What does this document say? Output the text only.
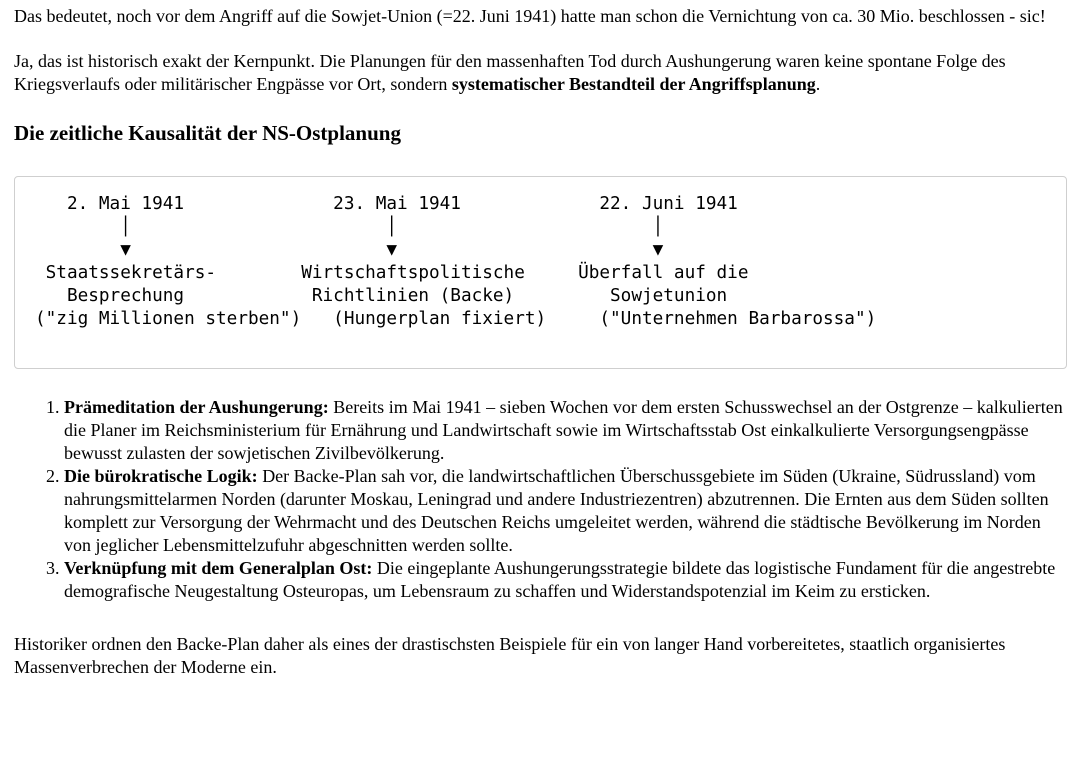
Das bedeutet, noch vor dem Angriff auf die Sowjet-Union (=22. Juni 1941) hatte man schon die Vernichtung von ca. 30 Mio. beschlossen - sic!

Ja, das ist historisch exakt der Kernpunkt. Die Planungen für den massenhaften Tod durch Aushungerung waren keine spontane Folge des Kriegsverlaufs oder militärischer Engpässe vor Ort, sondern systematischer Bestandteil der Angriffsplanung.

Die zeitliche Kausalität der NS-Ostplanung
2. Mai 1941              23. Mai 1941             22. Juni 1941
│                        │                        │
▼                        ▼                        ▼
Staatssekretärs-        Wirtschaftspolitische     Überfall auf die
Besprechung            Richtlinien (Backe)         Sowjetunion
("zig Millionen sterben")   (Hungerplan fixiert)     ("Unternehmen Barbarossa")
1. Prämeditation der Aushungerung: Bereits im Mai 1941 – sieben Wochen vor dem ersten Schusswechsel an der Ostgrenze – kalkulierten die Planer im Reichsministerium für Ernährung und Landwirtschaft sowie im Wirtschaftsstab Ost einkalkulierte Versorgungsengpässe bewusst zulasten der sowjetischen Zivilbevölkerung.
2. Die bürokratische Logik: Der Backe-Plan sah vor, die landwirtschaftlichen Überschussgebiete im Süden (Ukraine, Südrussland) vom nahrungsmittelarmen Norden (darunter Moskau, Leningrad und andere Industriezentren) abzutrennen. Die Ernten aus dem Süden sollten komplett zur Versorgung der Wehrmacht und des Deutschen Reichs umgeleitet werden, während die städtische Bevölkerung im Norden von jeglicher Lebensmittelzufuhr abgeschnitten werden sollte.
3. Verknüpfung mit dem Generalplan Ost: Die eingeplante Aushungerungsstrategie bildete das logistische Fundament für die angestrebte demografische Neugestaltung Osteuropas, um Lebensraum zu schaffen und Widerstandspotenzial im Keim zu ersticken.

Historiker ordnen den Backe-Plan daher als eines der drastischsten Beispiele für ein von langer Hand vorbereitetes, staatlich organisiertes Massenverbrechen der Moderne ein.
